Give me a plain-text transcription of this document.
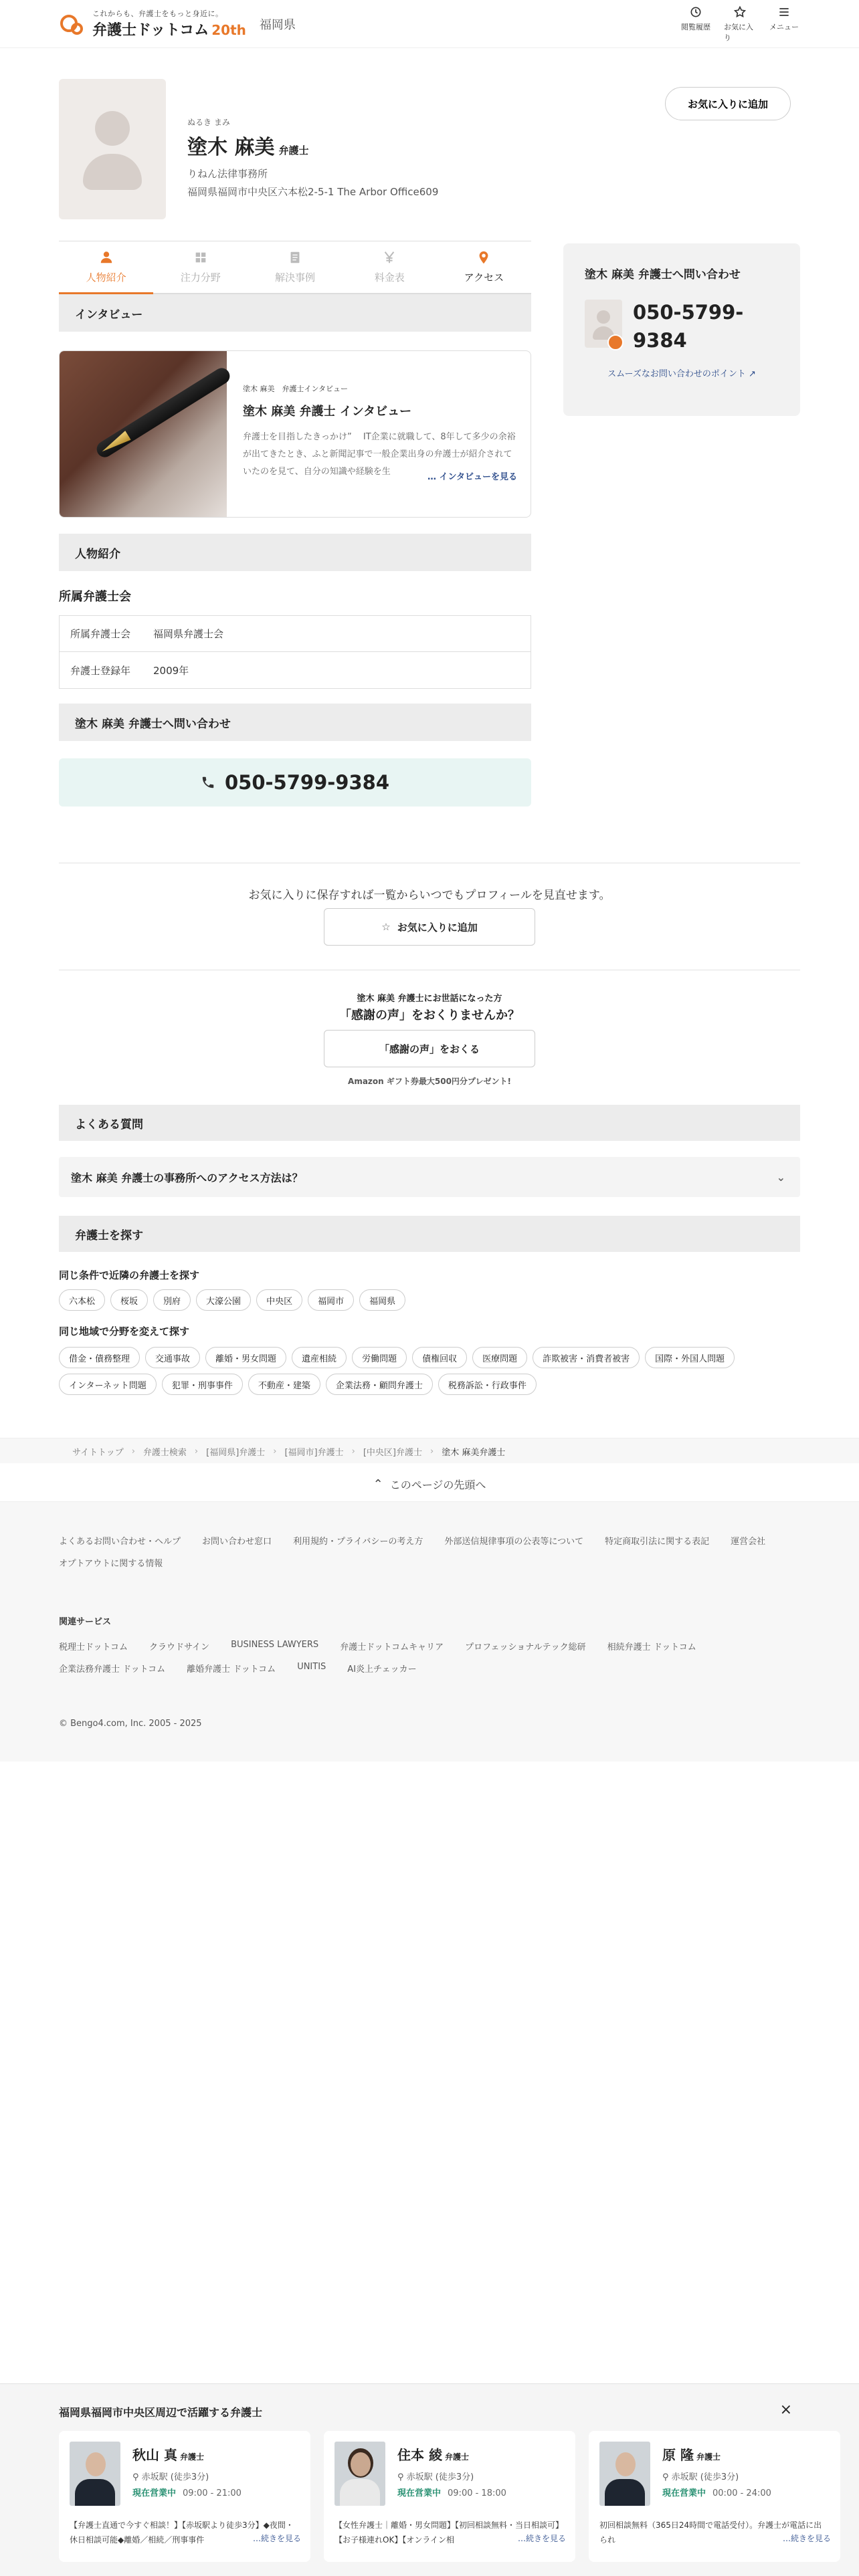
これからも、弁護士をもっと身近に。
弁護士ドットコム 20th 福岡県	閲覧履歴 お気に入り
メニュー
ぬるき まみ
塗木 麻美 弁護士
りねん法律事務所
福岡県福岡市中央区六本松2-5-1 The Arbor Office609
お気に入りに追加
人物紹介	注力分野	解決事例	料金表	アクセス
インタビュー
塗木 麻美　弁護士インタビュー
塗木 麻美 弁護士 インタビュー
弁護士を目指したきっかけ” 　IT企業に就職して、8年して多少の余裕が出てきたとき、ふと新聞記事で一般企業出身の弁護士が紹介されていたのを見て、自分の知識や経験を生
… インタビューを見る
人物紹介
所属弁護士会
所属弁護士会	福岡県弁護士会
弁護士登録年	2009年
塗木 麻美 弁護士へ問い合わせ
050-5799-9384
塗木 麻美 弁護士へ問い合わせ
050-5799-9384
スムーズなお問い合わせのポイント ↗
お気に入りに保存すれば一覧からいつでもプロフィールを見直せます。
☆ お気に入りに追加
塗木 麻美 弁護士にお世話になった方
「感謝の声」をおくりませんか？
「感謝の声」をおくる
Amazon ギフト券最大500円分プレゼント!
よくある質問
塗木 麻美 弁護士の事務所へのアクセス方法は？	⌄
弁護士を探す
同じ条件で近隣の弁護士を探す
六本松	桜坂	別府	大濠公園	中央区	福岡市	福岡県
同じ地域で分野を変えて探す
借金・債務整理	交通事故	離婚・男女問題	遺産相続	労働問題	債権回収	医療問題	詐欺被害・消費者被害	国際・外国人問題
インターネット問題	犯罪・刑事事件	不動産・建築	企業法務・顧問弁護士	税務訴訟・行政事件
サイトトップ › 弁護士検索 › [福岡県]弁護士 › [福岡市]弁護士 › [中央区]弁護士 › 塗木 麻美弁護士
⌃ このページの先頭へ
よくあるお問い合わせ・ヘルプ お問い合わせ窓口 利用規約・プライバシーの考え方 外部送信規律事項の公表等について 特定商取引法に関する表記 運営会社
オプトアウトに関する情報
関連サービス
税理士ドットコム クラウドサイン BUSINESS LAWYERS 弁護士ドットコムキャリア プロフェッショナルテック総研 相続弁護士 ドットコム
企業法務弁護士 ドットコム 離婚弁護士 ドットコム UNITIS AI炎上チェッカー
© Bengo4.com, Inc. 2005 - 2025
福岡県福岡市中央区周辺で活躍する弁護士	×
秋山 真 弁護士
⚲ 赤坂駅 (徒歩3分)
現在営業中 09:00 - 21:00
【弁護士直通で今すぐ相談！】【赤坂駅より徒歩3分】◆夜間・休日相談可能◆離婚／相続／刑事事件	…続きを見る
住本 綾 弁護士
⚲ 赤坂駅 (徒歩3分)
現在営業中 09:00 - 18:00
【女性弁護士｜離婚・男女問題】【初回相談無料・当日相談可】【お子様連れOK】【オンライン相	…続きを見る
原 隆 弁護士
⚲ 赤坂駅 (徒歩3分)
現在営業中 00:00 - 24:00
初回相談無料（365日24時間で電話受付）。弁護士が電話に出られ	…続きを見る
